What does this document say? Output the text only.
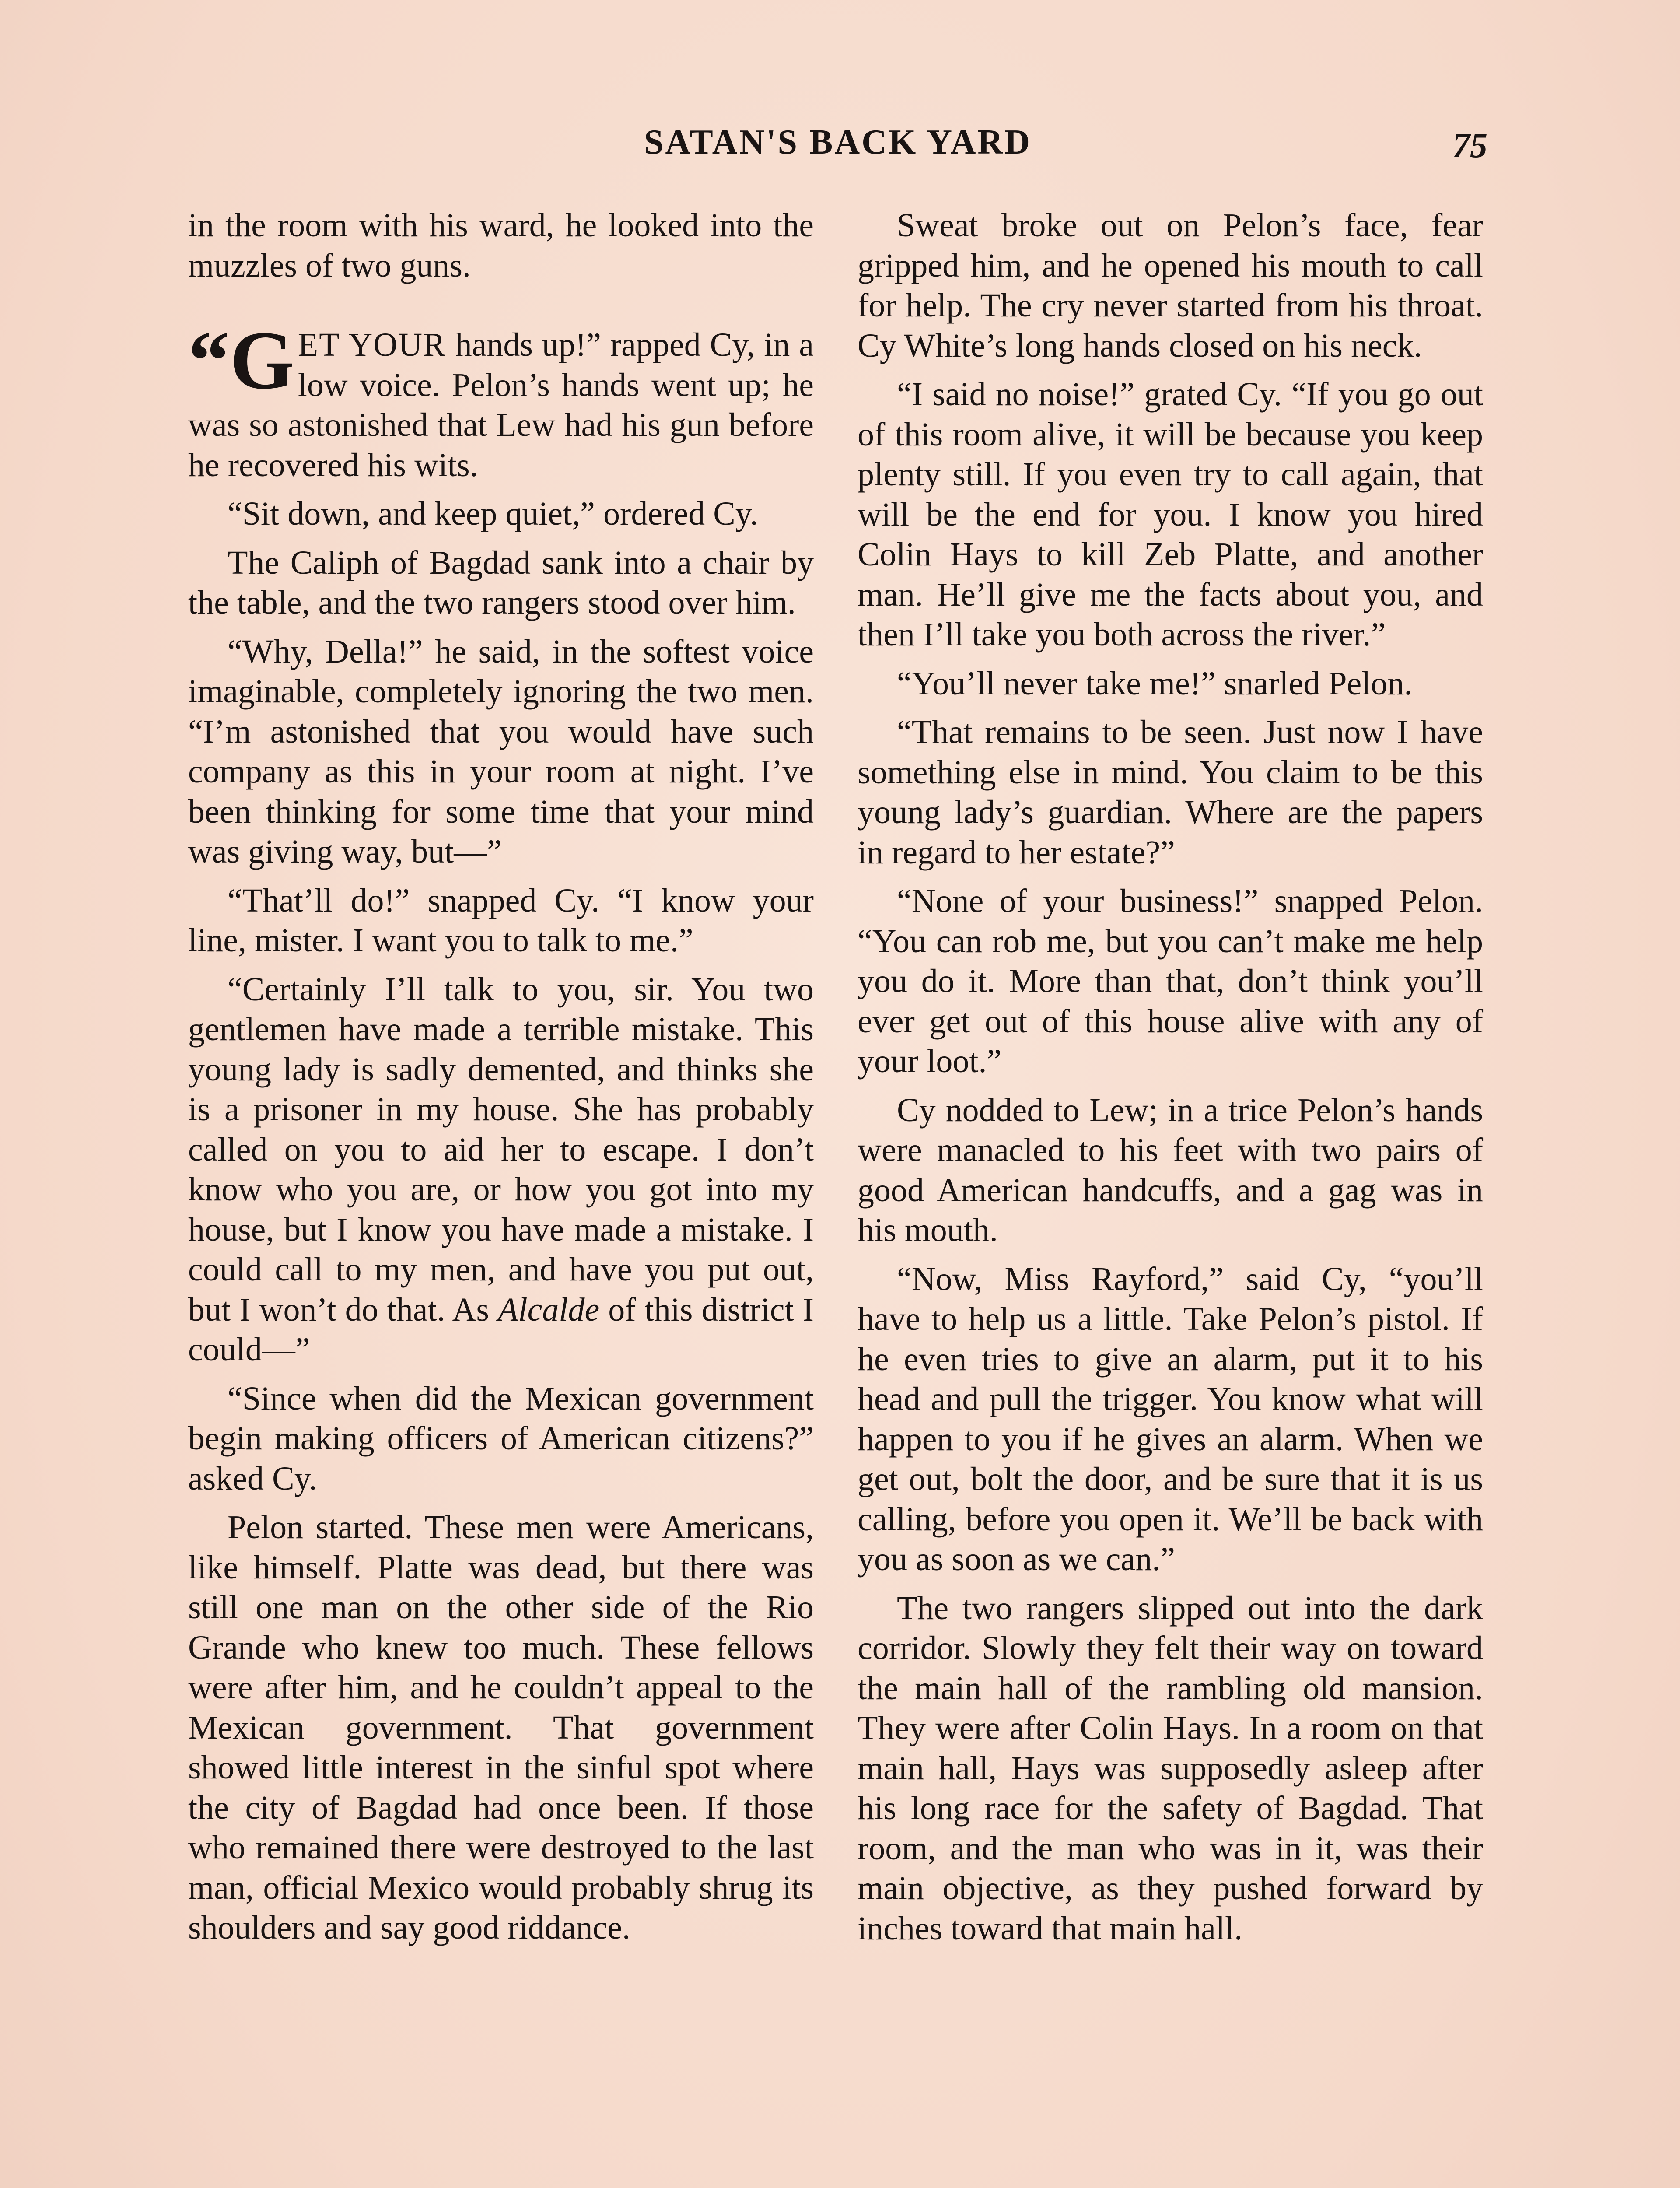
SATAN'S BACK YARD	75

in the room with his ward, he looked into the muzzles of two guns.

“G ET YOUR hands up!” rapped Cy, in a low voice. Pelon’s hands went up; he was so astonished that Lew had his gun before he recovered his wits.

“Sit down, and keep quiet,” ordered Cy.

The Caliph of Bagdad sank into a chair by the table, and the two rangers stood over him.

“Why, Della!” he said, in the softest voice imaginable, completely ignoring the two men. “I’m astonished that you would have such company as this in your room at night. I’ve been thinking for some time that your mind was giving way, but—”

“That’ll do!” snapped Cy. “I know your line, mister. I want you to talk to me.”

“Certainly I’ll talk to you, sir. You two gentlemen have made a terrible mistake. This young lady is sadly demented, and thinks she is a prisoner in my house. She has probably called on you to aid her to escape. I don’t know who you are, or how you got into my house, but I know you have made a mistake. I could call to my men, and have you put out, but I won’t do that. As Alcalde of this district I could—”

“Since when did the Mexican government begin making officers of American citizens?” asked Cy.

Pelon started. These men were Americans, like himself. Platte was dead, but there was still one man on the other side of the Rio Grande who knew too much. These fellows were after him, and he couldn’t appeal to the Mexican government. That government showed little interest in the sinful spot where the city of Bagdad had once been. If those who remained there were destroyed to the last man, official Mexico would probably shrug its shoulders and say good riddance.

Sweat broke out on Pelon’s face, fear gripped him, and he opened his mouth to call for help. The cry never started from his throat. Cy White’s long hands closed on his neck.

“I said no noise!” grated Cy. “If you go out of this room alive, it will be because you keep plenty still. If you even try to call again, that will be the end for you. I know you hired Colin Hays to kill Zeb Platte, and another man. He’ll give me the facts about you, and then I’ll take you both across the river.”

“You’ll never take me!” snarled Pelon.

“That remains to be seen. Just now I have something else in mind. You claim to be this young lady’s guardian. Where are the papers in regard to her estate?”

“None of your business!” snapped Pelon. “You can rob me, but you can’t make me help you do it. More than that, don’t think you’ll ever get out of this house alive with any of your loot.”

Cy nodded to Lew; in a trice Pelon’s hands were manacled to his feet with two pairs of good American handcuffs, and a gag was in his mouth.

“Now, Miss Rayford,” said Cy, “you’ll have to help us a little. Take Pelon’s pistol. If he even tries to give an alarm, put it to his head and pull the trigger. You know what will happen to you if he gives an alarm. When we get out, bolt the door, and be sure that it is us calling, before you open it. We’ll be back with you as soon as we can.”

The two rangers slipped out into the dark corridor. Slowly they felt their way on toward the main hall of the rambling old mansion. They were after Colin Hays. In a room on that main hall, Hays was supposedly asleep after his long race for the safety of Bagdad. That room, and the man who was in it, was their main objective, as they pushed forward by inches toward that main hall.
